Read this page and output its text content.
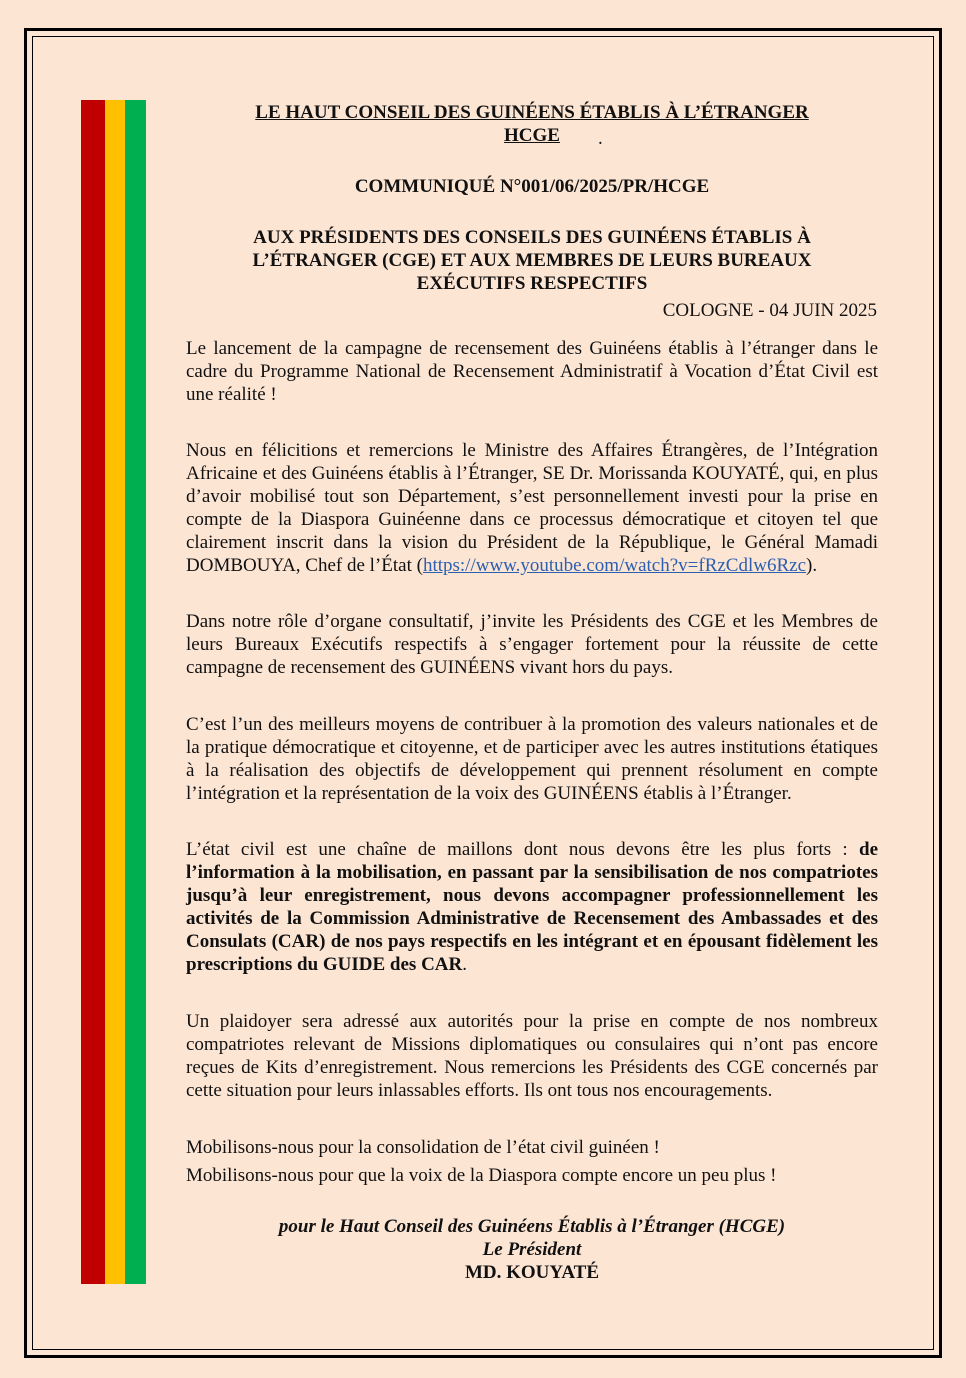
LE HAUT CONSEIL DES GUINÉENS ÉTABLIS À L’ÉTRANGER

HCGE	.

COMMUNIQUÉ N°001/06/2025/PR/HCGE

AUX PRÉSIDENTS DES CONSEILS DES GUINÉENS ÉTABLIS À

L’ÉTRANGER (CGE) ET AUX MEMBRES DE LEURS BUREAUX

EXÉCUTIFS RESPECTIFS

COLOGNE - 04 JUIN 2025

Le lancement de la campagne de recensement des Guinéens établis à l’étranger dans le cadre du Programme National de Recensement Administratif à Vocation d’État Civil est une réalité !

Nous en félicitions et remercions le Ministre des Affaires Étrangères, de l’Intégration Africaine et des Guinéens établis à l’Étranger, SE Dr. Morissanda KOUYATÉ, qui, en plus d’avoir mobilisé tout son Département, s’est personnellement investi pour la prise en compte de la Diaspora Guinéenne dans ce processus démocratique et citoyen tel que clairement inscrit dans la vision du Président de la République, le Général Mamadi DOMBOUYA, Chef de l’État (https://www.youtube.com/watch?v=fRzCdlw6Rzc).

Dans notre rôle d’organe consultatif, j’invite les Présidents des CGE et les Membres de leurs Bureaux Exécutifs respectifs à s’engager fortement pour la réussite de cette campagne de recensement des GUINÉENS vivant hors du pays.

C’est l’un des meilleurs moyens de contribuer à la promotion des valeurs nationales et de la pratique démocratique et citoyenne, et de participer avec les autres institutions étatiques à la réalisation des objectifs de développement qui prennent résolument en compte l’intégration et la représentation de la voix des GUINÉENS établis à l’Étranger.

L’état civil est une chaîne de maillons dont nous devons être les plus forts : de l’information à la mobilisation, en passant par la sensibilisation de nos compatriotes jusqu’à leur enregistrement, nous devons accompagner professionnellement les activités de la Commission Administrative de Recensement des Ambassades et des Consulats (CAR) de nos pays respectifs en les intégrant et en épousant fidèlement les prescriptions du GUIDE des CAR.

Un plaidoyer sera adressé aux autorités pour la prise en compte de nos nombreux compatriotes relevant de Missions diplomatiques ou consulaires qui n’ont pas encore reçues de Kits d’enregistrement. Nous remercions les Présidents des CGE concernés par cette situation pour leurs inlassables efforts. Ils ont tous nos encouragements.

Mobilisons-nous pour la consolidation de l’état civil guinéen !

Mobilisons-nous pour que la voix de la Diaspora compte encore un peu plus !

pour le Haut Conseil des Guinéens Établis à l’Étranger (HCGE)

Le Président

MD. KOUYATÉ
